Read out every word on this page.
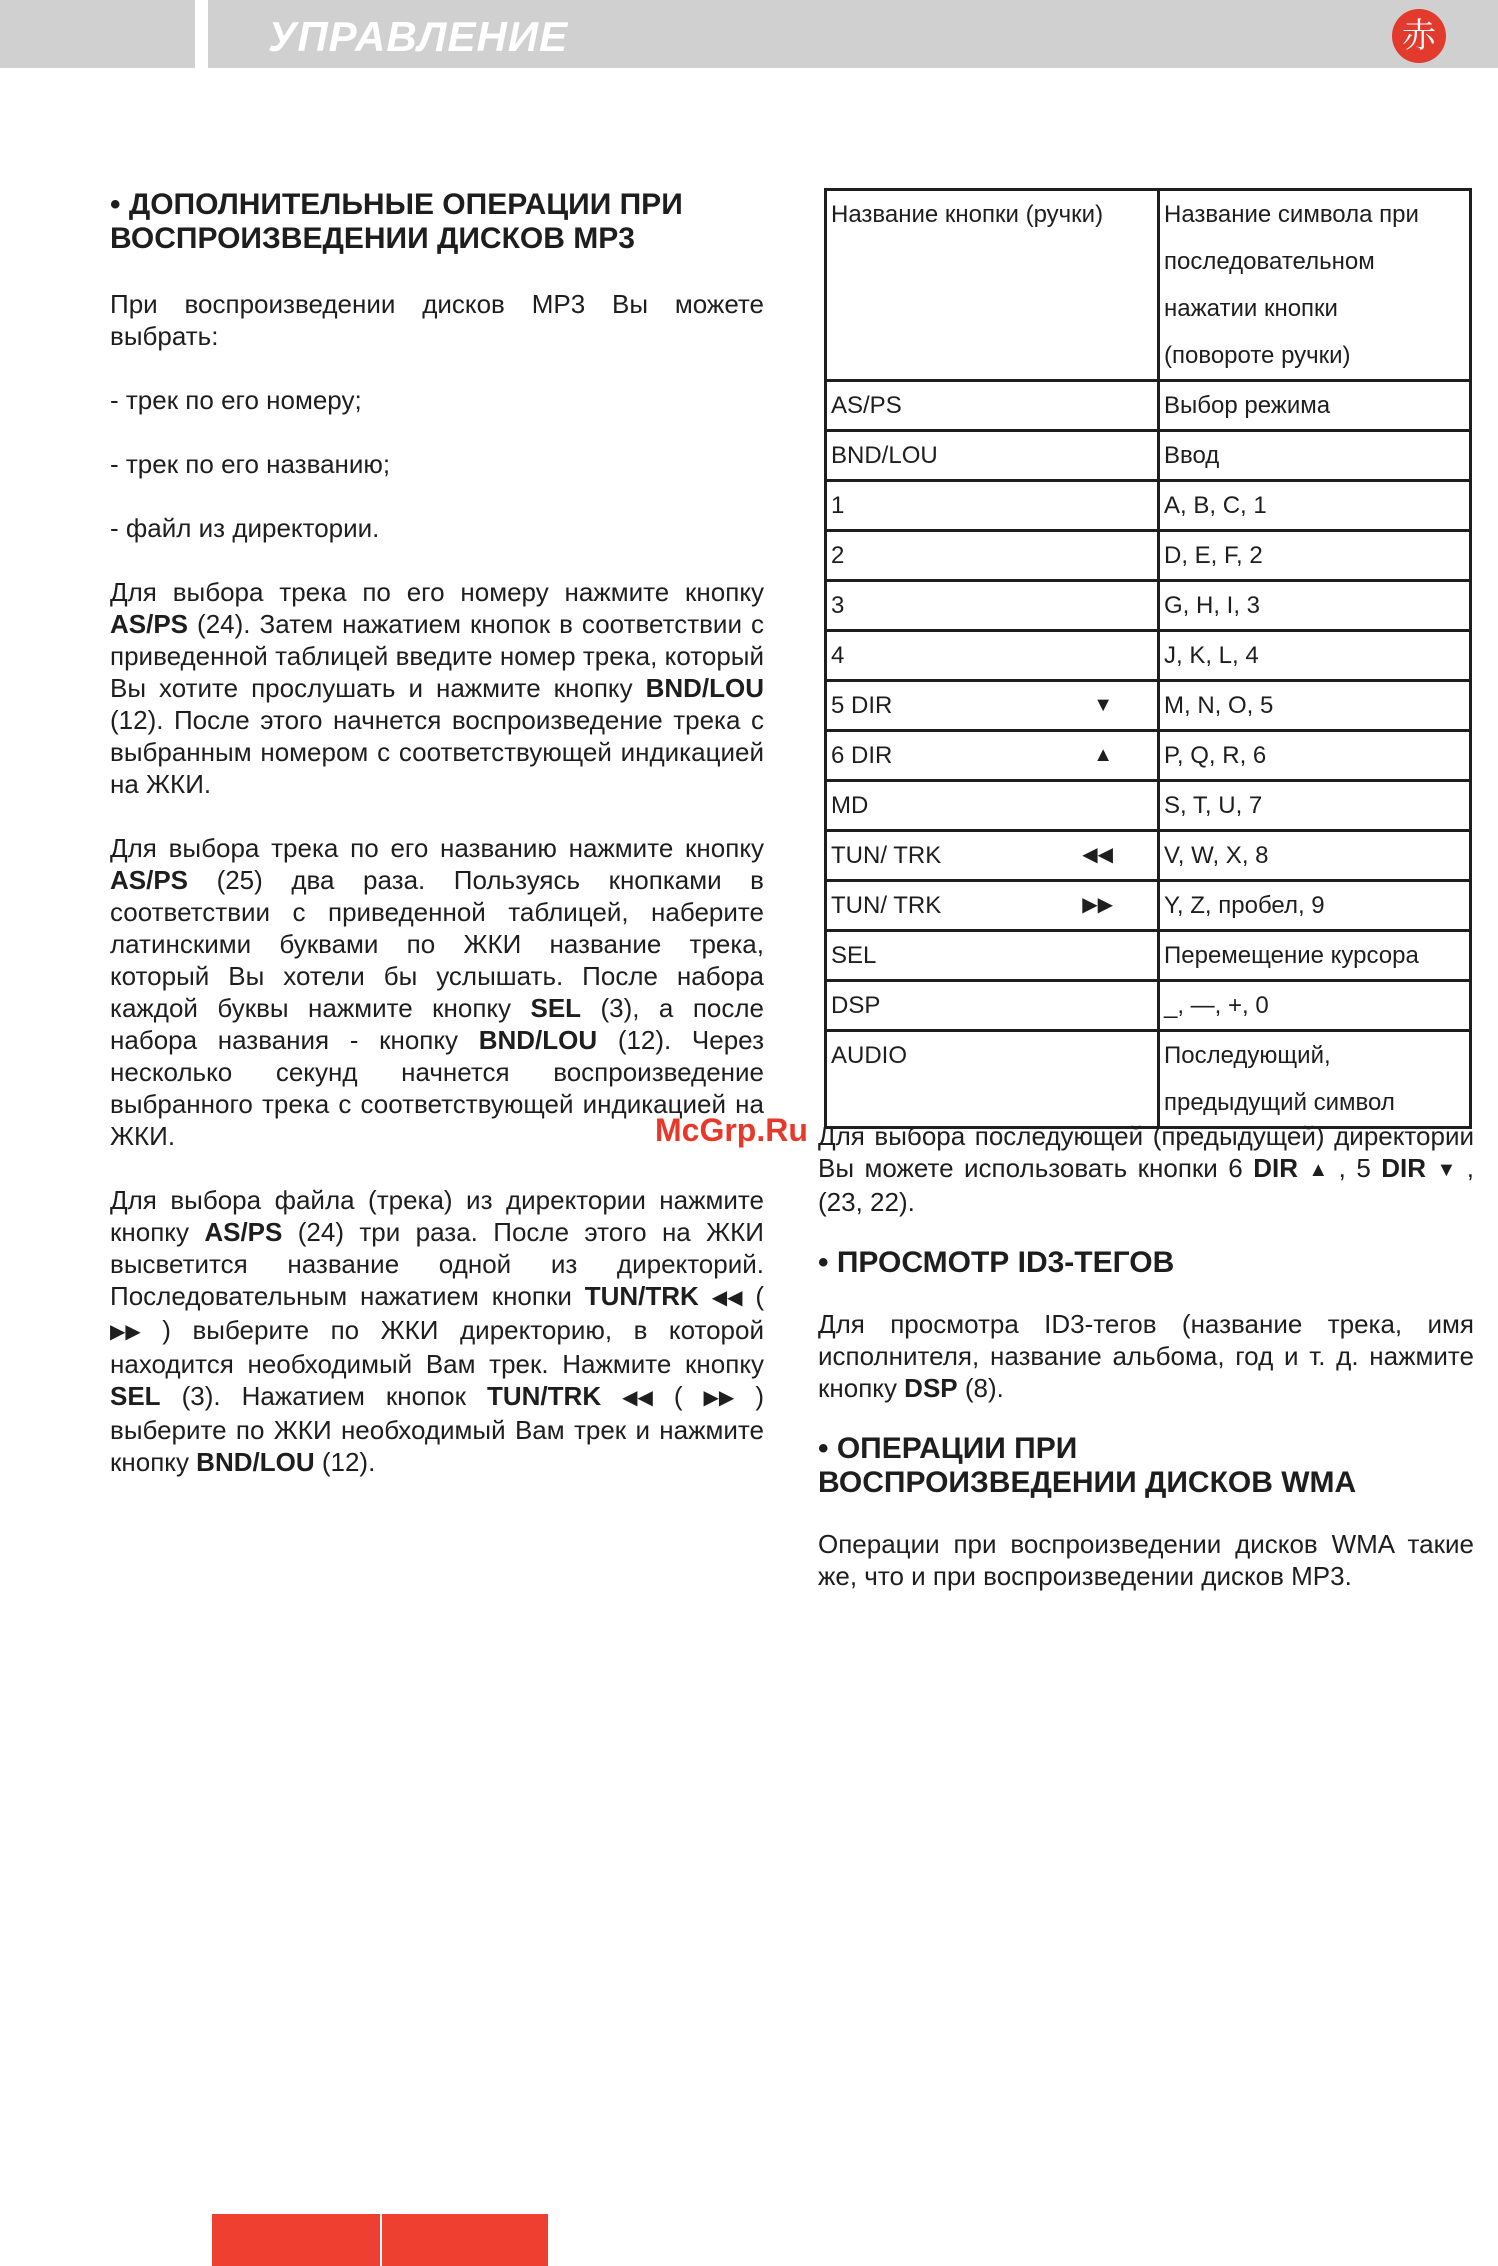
УПРАВЛЕНИЕ	赤
• ДОПОЛНИТЕЛЬНЫЕ ОПЕРАЦИИ ПРИ
ВОСПРОИЗВЕДЕНИИ ДИСКОВ MP3

При воспроизведении дисков MP3 Вы можете выбрать:

- трек по его номеру;

- трек по его названию;

- файл из директории.

Для выбора трека по его номеру нажмите кнопку AS/PS (24). Затем нажатием кнопок в соответствии с приведенной таблицей введите номер трека, который Вы хотите прослушать и нажмите кнопку BND/LOU (12). После этого начнется воспроизведение трека с выбранным номером с соответствующей индикацией на ЖКИ.

Для выбора трека по его названию нажмите кнопку AS/PS (25) два раза. Пользуясь кнопками в соответствии с приведенной таблицей, наберите латинскими буквами по ЖКИ название трека, который Вы хотели бы услышать. После набора каждой буквы нажмите кнопку SEL (3), а после набора названия - кнопку BND/LOU (12). Через несколько секунд начнется воспроизведение выбранного трека с соответствующей индикацией на ЖКИ.

Для выбора файла (трека) из директории нажмите кнопку AS/PS (24) три раза. После этого на ЖКИ высветится название одной из директорий. Последовательным нажатием кнопки TUN/TRK ◀◀ ( ▶▶ ) выберите по ЖКИ директорию, в которой находится необходимый Вам трек. Нажмите кнопку SEL (3). Нажатием кнопок TUN/TRK ◀◀ ( ▶▶ ) выберите по ЖКИ необходимый Вам трек и нажмите кнопку BND/LOU (12).

Название кнопки (ручки)	Название символа при
последовательном
нажатии кнопки
(повороте ручки)

AS/PS	Выбор режима

BND/LOU	Ввод

1	A, B, C, 1

2	D, E, F, 2

3	G, H, I, 3

4	J, K, L, 4

5 DIR ▼	M, N, O, 5

6 DIR ▲	P, Q, R, 6

MD	S, T, U, 7

TUN/ TRK ◀◀	V, W, X, 8

TUN/ TRK ▶▶	Y, Z, пробел, 9

SEL	Перемещение курсора

DSP	_, —, +, 0
AUDIO	Последующий,
предыдущий символ

Для выбора последующей (предыдущей) директории Вы можете использовать кнопки 6 DIR ▲ , 5 DIR ▼ , (23, 22).

• ПРОСМОТР ID3-ТЕГОВ

Для просмотра ID3-тегов (название трека, имя исполнителя, название альбома, год и т. д. нажмите кнопку DSP (8).

• ОПЕРАЦИИ ПРИ
ВОСПРОИЗВЕДЕНИИ ДИСКОВ WMA

Операции при воспроизведении дисков WMA такие же, что и при воспроизведении дисков MP3.

McGrp.Ru
